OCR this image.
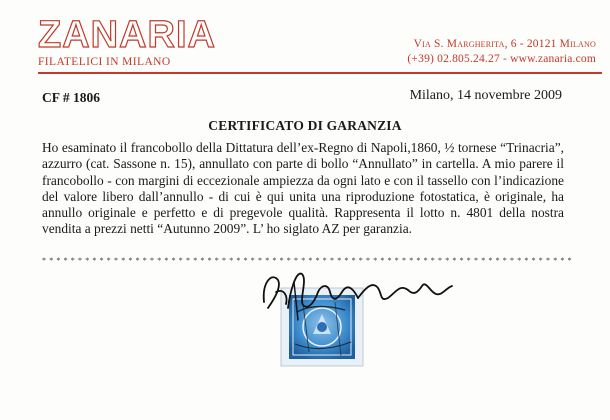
ZANARIA
FILATELICI IN MILANO
Via S. Margherita, 6 - 20121 Milano
(+39) 02.805.24.27 - www.zanaria.com
CF # 1806	Milano, 14 novembre 2009
CERTIFICATO DI GARANZIA
Ho esaminato il francobollo della Dittatura dell’ex-Regno di Napoli,1860, ½ tornese “Trinacria”, azzurro (cat. Sassone n. 15), annullato con parte di bollo “Annullato” in cartella. A mio parere il francobollo - con margini di eccezionale ampiezza da ogni lato e con il tassello con l’indicazione del valore libero dall’annullo - di cui è qui unita una riproduzione fotostatica, è originale, ha annullo originale e perfetto e di pregevole qualità. Rappresenta il lotto n. 4801 della nostra vendita a prezzi netti “Autunno 2009”. L’ ho siglato AZ per garanzia.
* * * * * * * * * * * * * * * * * * * * * * * * * * * * * * * * * * * * * * * * * * * * * * * * * * * * * * * * * * * * * * * * * * * * * * * * * *
